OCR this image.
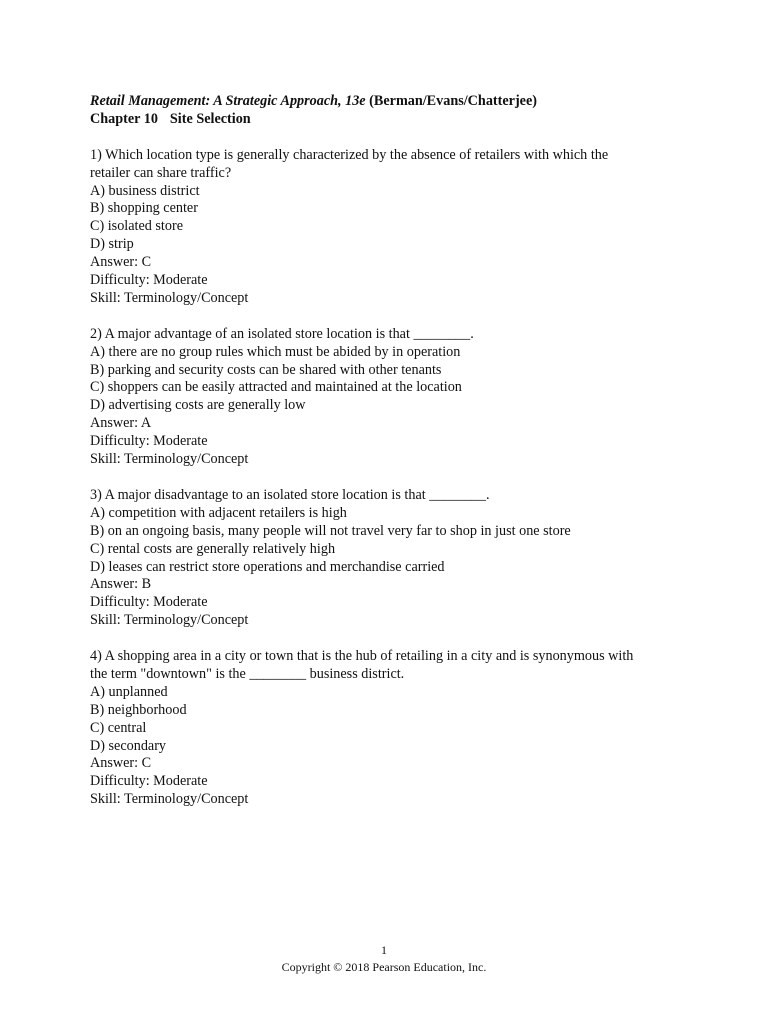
Retail Management: A Strategic Approach, 13e (Berman/Evans/Chatterjee)
Chapter 10 Site Selection
1) Which location type is generally characterized by the absence of retailers with which the
retailer can share traffic?
A) business district
B) shopping center
C) isolated store
D) strip
Answer: C
Difficulty: Moderate
Skill: Terminology/Concept
2) A major advantage of an isolated store location is that ________.
A) there are no group rules which must be abided by in operation
B) parking and security costs can be shared with other tenants
C) shoppers can be easily attracted and maintained at the location
D) advertising costs are generally low
Answer: A
Difficulty: Moderate
Skill: Terminology/Concept
3) A major disadvantage to an isolated store location is that ________.
A) competition with adjacent retailers is high
B) on an ongoing basis, many people will not travel very far to shop in just one store
C) rental costs are generally relatively high
D) leases can restrict store operations and merchandise carried
Answer: B
Difficulty: Moderate
Skill: Terminology/Concept
4) A shopping area in a city or town that is the hub of retailing in a city and is synonymous with
the term "downtown" is the ________ business district.
A) unplanned
B) neighborhood
C) central
D) secondary
Answer: C
Difficulty: Moderate
Skill: Terminology/Concept
1
Copyright © 2018 Pearson Education, Inc.
